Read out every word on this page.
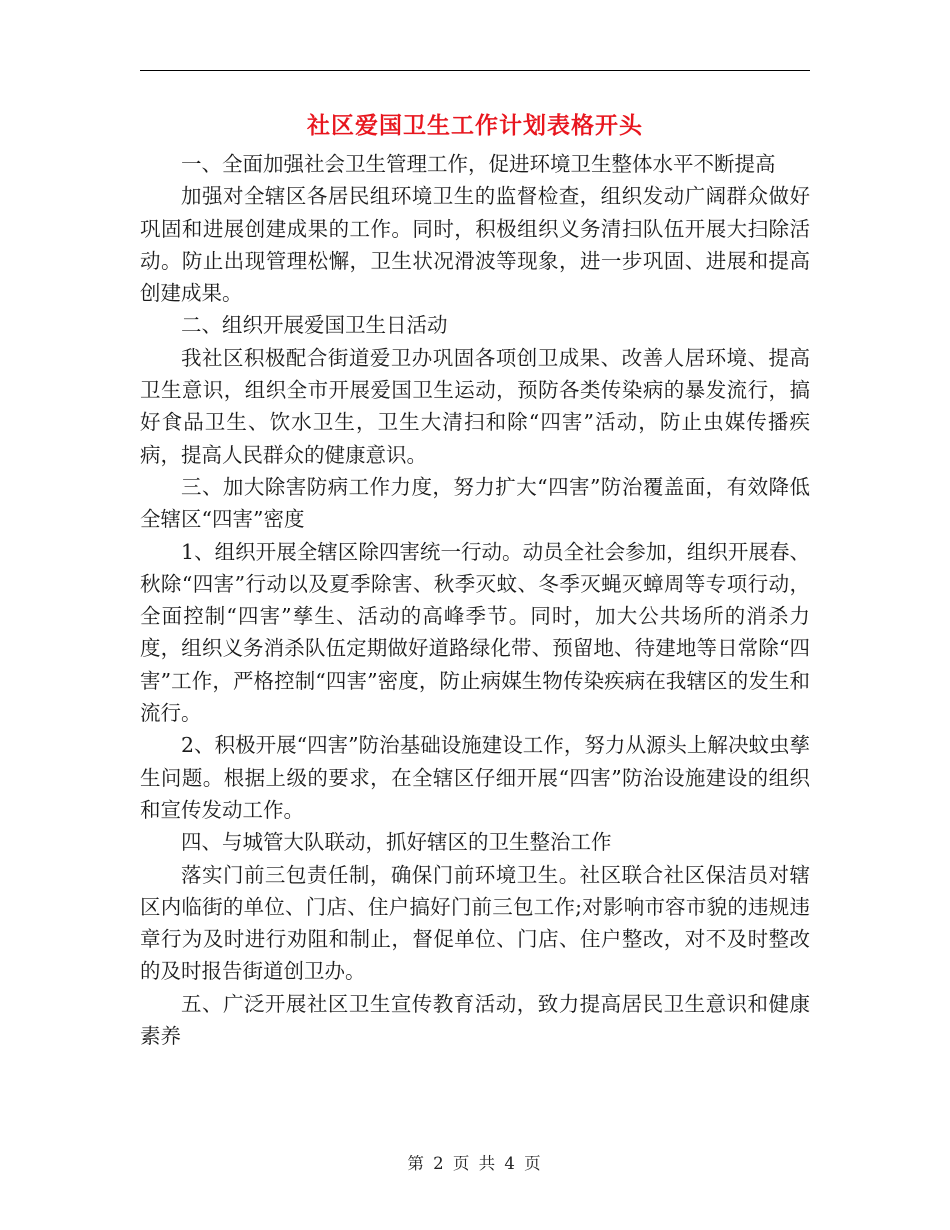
社区爱国卫生工作计划表格开头

一、全面加强社会卫生管理工作，促进环境卫生整体水平不断提高

加强对全辖区各居民组环境卫生的监督检查，组织发动广阔群众做好巩固和进展创建成果的工作。同时，积极组织义务清扫队伍开展大扫除活动。防止出现管理松懈，卫生状况滑波等现象，进一步巩固、进展和提高创建成果。

二、组织开展爱国卫生日活动

我社区积极配合街道爱卫办巩固各项创卫成果、改善人居环境、提高卫生意识，组织全市开展爱国卫生运动，预防各类传染病的暴发流行，搞好食品卫生、饮水卫生，卫生大清扫和除“四害”活动，防止虫媒传播疾病，提高人民群众的健康意识。

三、加大除害防病工作力度，努力扩大“四害”防治覆盖面，有效降低全辖区“四害”密度

1、组织开展全辖区除四害统一行动。动员全社会参加，组织开展春、秋除“四害”行动以及夏季除害、秋季灭蚊、冬季灭蝇灭蟑周等专项行动，全面控制“四害”孳生、活动的高峰季节。同时，加大公共场所的消杀力度，组织义务消杀队伍定期做好道路绿化带、预留地、待建地等日常除“四害”工作，严格控制“四害”密度，防止病媒生物传染疾病在我辖区的发生和流行。

2、积极开展“四害”防治基础设施建设工作，努力从源头上解决蚊虫孳生问题。根据上级的要求，在全辖区仔细开展“四害”防治设施建设的组织和宣传发动工作。

四、与城管大队联动，抓好辖区的卫生整治工作

落实门前三包责任制，确保门前环境卫生。社区联合社区保洁员对辖区内临街的单位、门店、住户搞好门前三包工作;对影响市容市貌的违规违章行为及时进行劝阻和制止，督促单位、门店、住户整改，对不及时整改的及时报告街道创卫办。

五、广泛开展社区卫生宣传教育活动，致力提高居民卫生意识和健康素养

第 2 页 共 4 页
